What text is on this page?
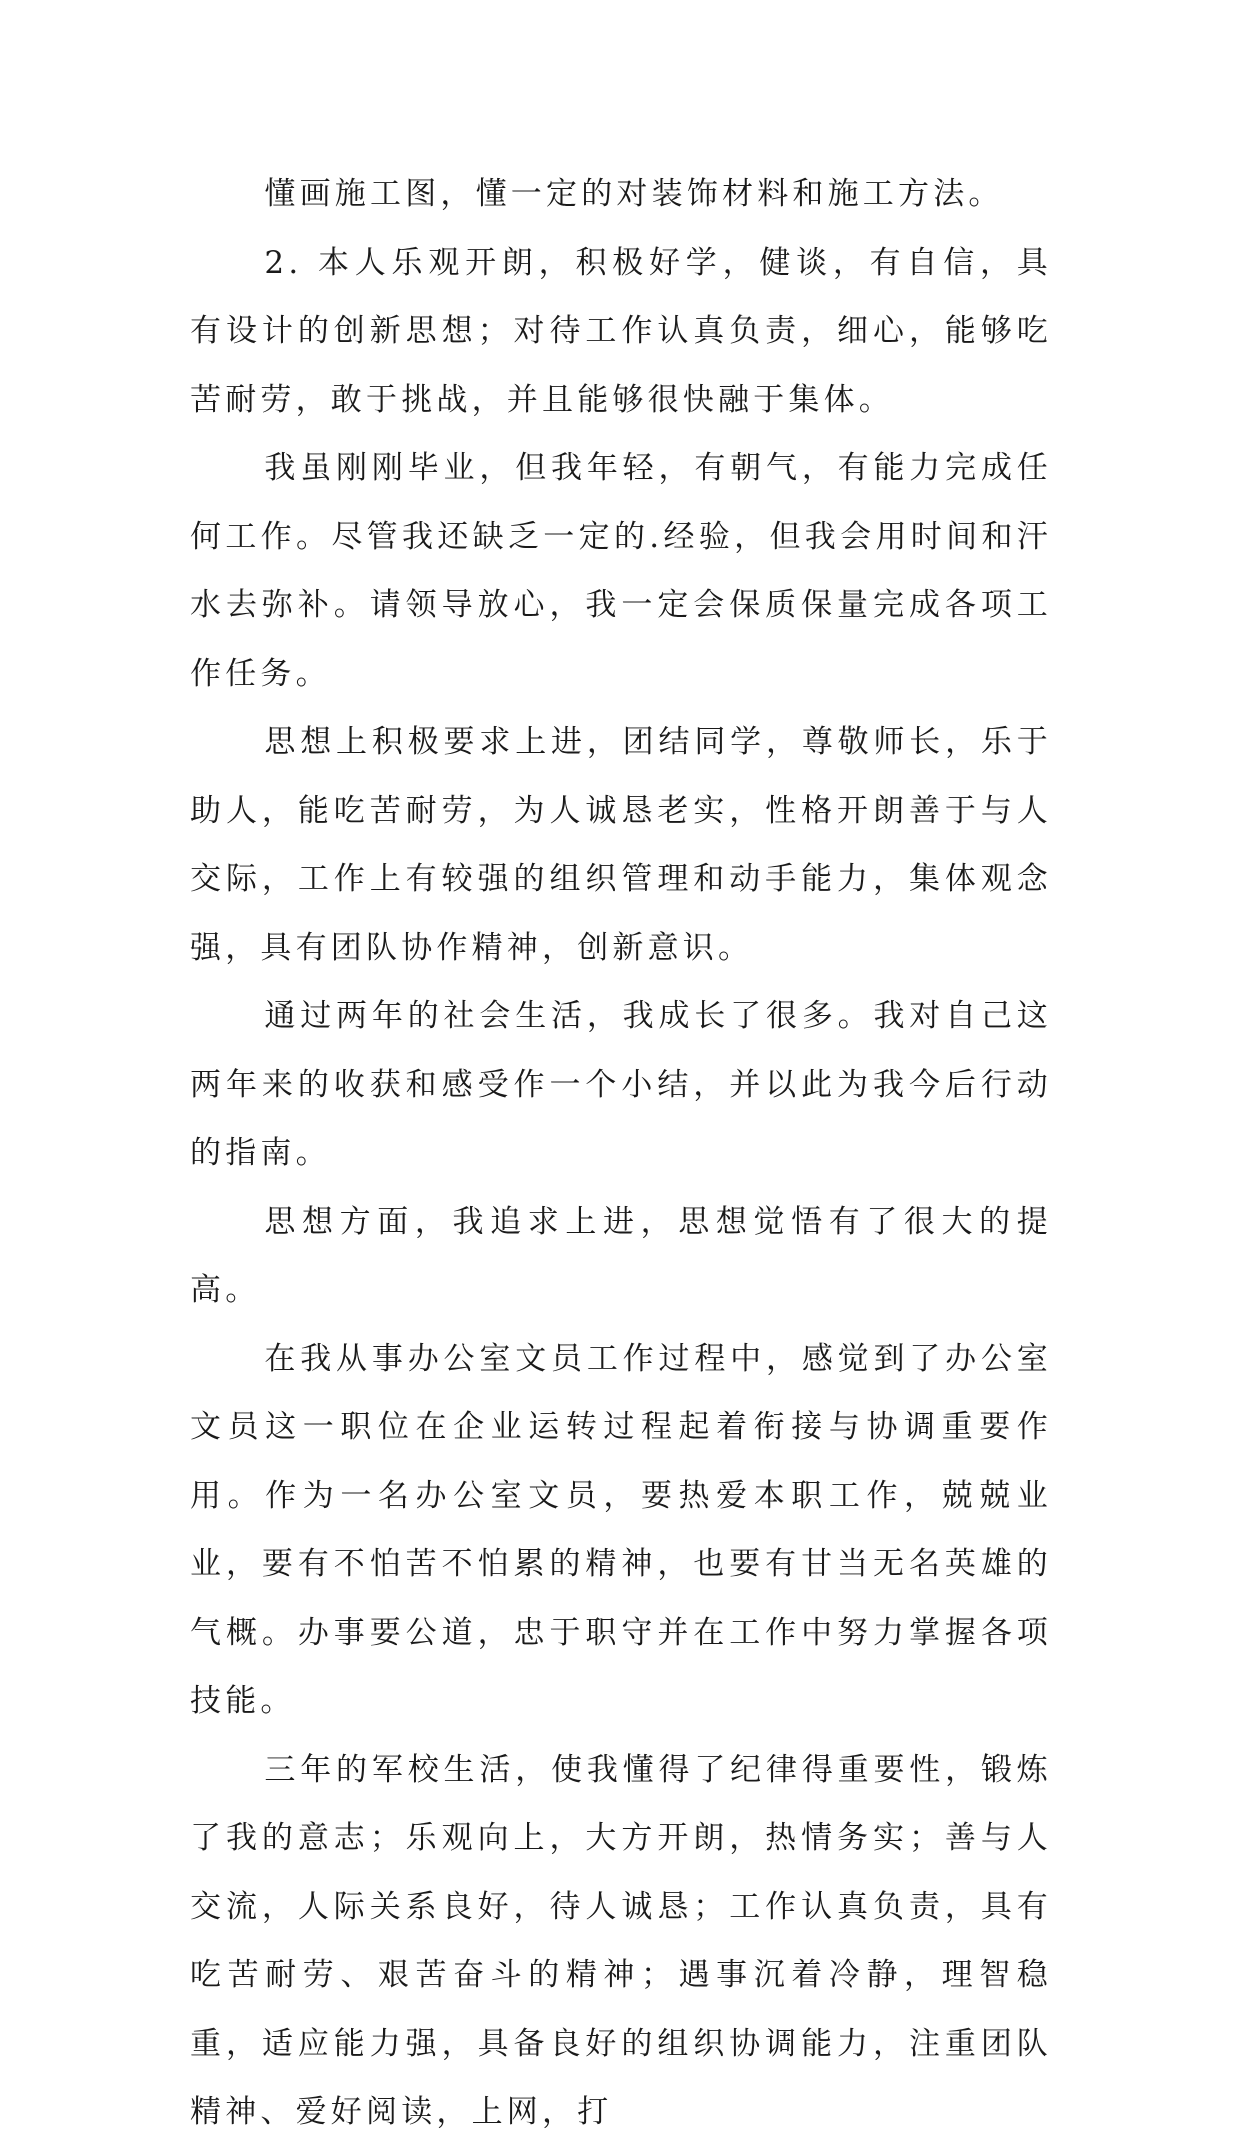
懂画施工图，懂一定的对装饰材料和施工方法。

2. 本人乐观开朗，积极好学，健谈，有自信，具有设计的创新思想；对待工作认真负责，细心，能够吃苦耐劳，敢于挑战，并且能够很快融于集体。

我虽刚刚毕业，但我年轻，有朝气，有能力完成任何工作。尽管我还缺乏一定的.经验，但我会用时间和汗水去弥补。请领导放心，我一定会保质保量完成各项工作任务。

思想上积极要求上进，团结同学，尊敬师长，乐于助人，能吃苦耐劳，为人诚恳老实，性格开朗善于与人交际，工作上有较强的组织管理和动手能力，集体观念强，具有团队协作精神，创新意识。

通过两年的社会生活，我成长了很多。我对自己这两年来的收获和感受作一个小结，并以此为我今后行动的指南。

思想方面，我追求上进，思想觉悟有了很大的提高。

在我从事办公室文员工作过程中，感觉到了办公室文员这一职位在企业运转过程起着衔接与协调重要作用。作为一名办公室文员，要热爱本职工作，兢兢业业，要有不怕苦不怕累的精神，也要有甘当无名英雄的气概。办事要公道，忠于职守并在工作中努力掌握各项技能。

三年的军校生活，使我懂得了纪律得重要性，锻炼了我的意志；乐观向上，大方开朗，热情务实；善与人交流，人际关系良好，待人诚恳；工作认真负责，具有吃苦耐劳、艰苦奋斗的精神；遇事沉着冷静，理智稳重，适应能力强，具备良好的组织协调能力，注重团队精神、爱好阅读，上网，打
